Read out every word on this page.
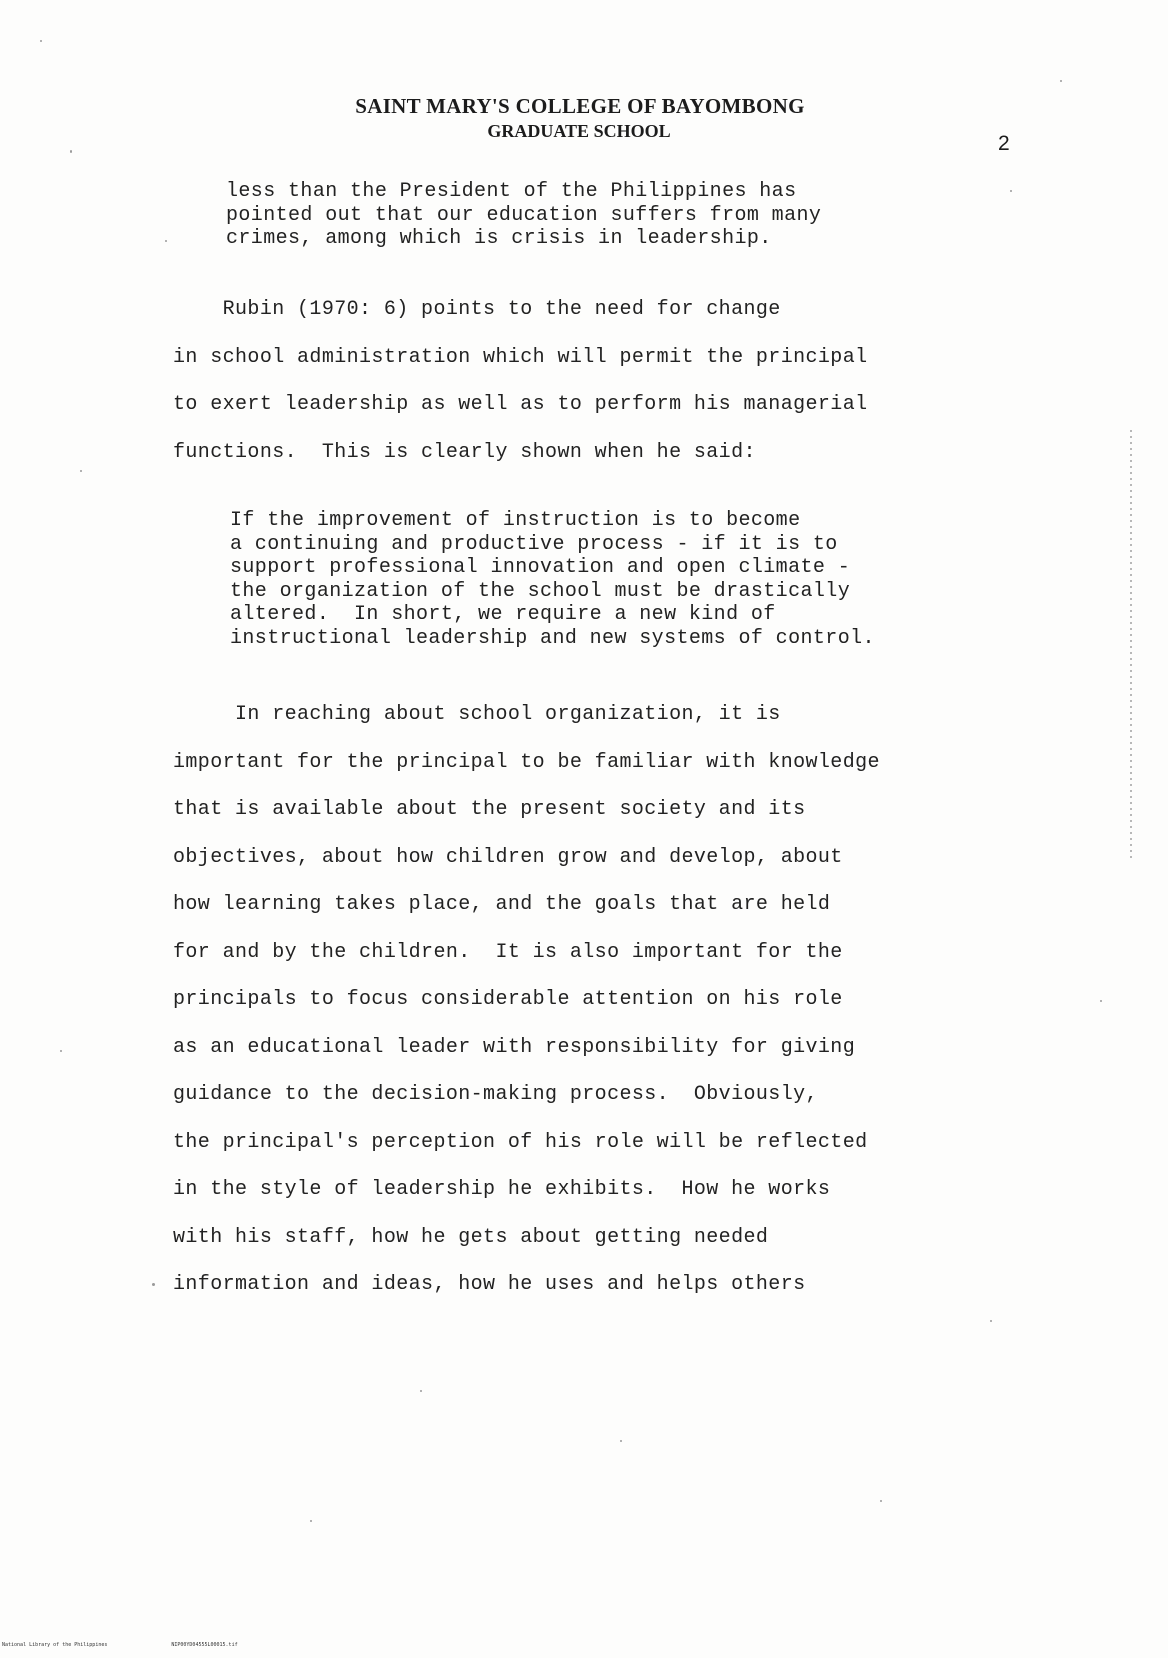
SAINT MARY'S COLLEGE OF BAYOMBONG
GRADUATE SCHOOL
2
less than the President of the Philippines has
pointed out that our education suffers from many
crimes, among which is crisis in leadership.
Rubin (1970: 6) points to the need for change
in school administration which will permit the principal
to exert leadership as well as to perform his managerial
functions.  This is clearly shown when he said:
If the improvement of instruction is to become
a continuing and productive process - if it is to
support professional innovation and open climate -
the organization of the school must be drastically
altered.  In short, we require a new kind of
instructional leadership and new systems of control.
In reaching about school organization, it is
important for the principal to be familiar with knowledge
that is available about the present society and its
objectives, about how children grow and develop, about
how learning takes place, and the goals that are held
for and by the children.  It is also important for the
principals to focus considerable attention on his role
as an educational leader with responsibility for giving
guidance to the decision-making process.  Obviously,
the principal's perception of his role will be reflected
in the style of leadership he exhibits.  How he works
with his staff, how he gets about getting needed
information and ideas, how he uses and helps others
National Library of the Philippines	NIP00YD04555L00015.tif
